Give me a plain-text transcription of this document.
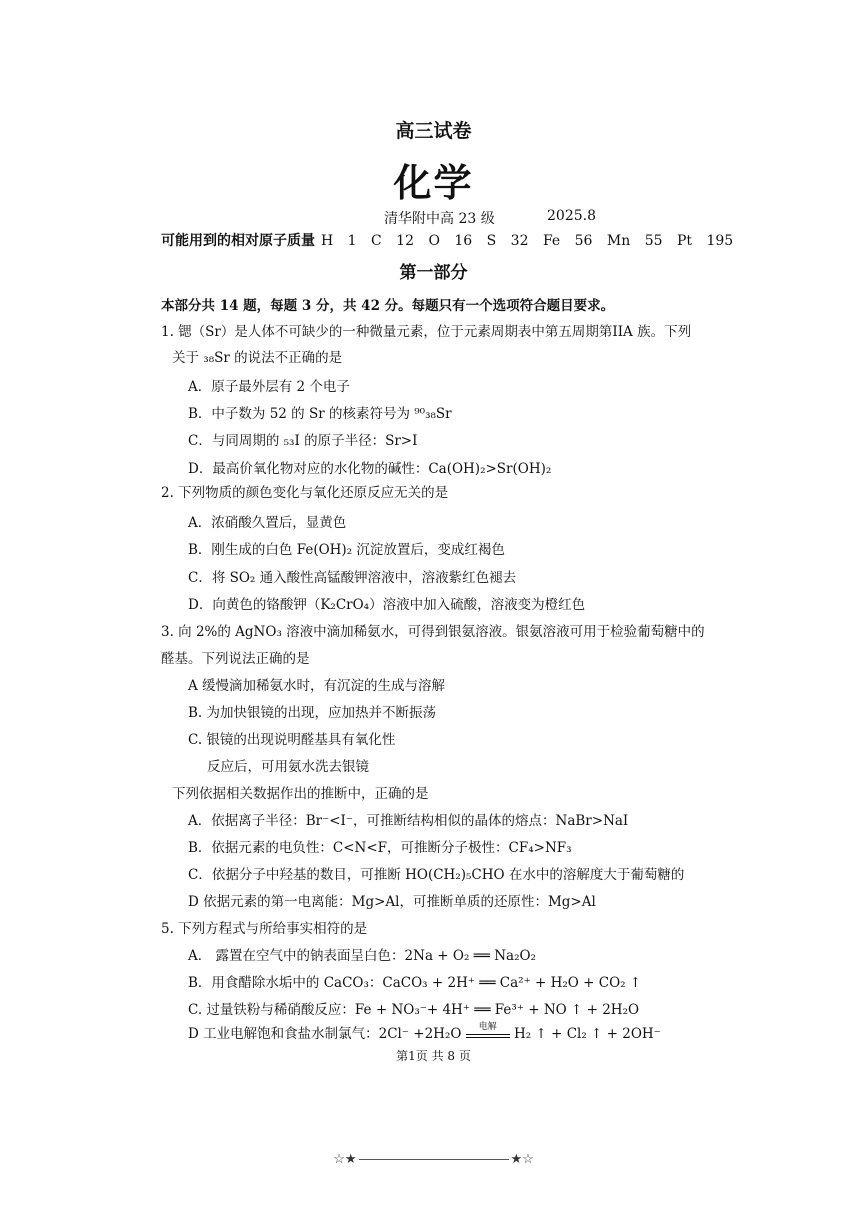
高三试卷
化学
清华附中高 23 级	2025.8
可能用到的相对原子质量 H 1 C 12 O 16 S 32 Fe 56 Mn 55 Pt 195
第一部分
本部分共 14 题，每题 3 分，共 42 分。每题只有一个选项符合题目要求。
1. 锶（Sr）是人体不可缺少的一种微量元素，位于元素周期表中第五周期第IIA 族。下列
关于 ₃₈Sr 的说法不正确的是
A．原子最外层有 2 个电子
B．中子数为 52 的 Sr 的核素符号为 ⁹⁰₃₈Sr
C．与同周期的 ₅₃I 的原子半径：Sr>I
D．最高价氧化物对应的水化物的碱性：Ca(OH)₂>Sr(OH)₂
2. 下列物质的颜色变化与氧化还原反应无关的是
A．浓硝酸久置后，显黄色
B．刚生成的白色 Fe(OH)₂ 沉淀放置后，变成红褐色
C．将 SO₂ 通入酸性高锰酸钾溶液中，溶液紫红色褪去
D．向黄色的铬酸钾（K₂CrO₄）溶液中加入硫酸，溶液变为橙红色
3. 向 2%的 AgNO₃ 溶液中滴加稀氨水，可得到银氨溶液。银氨溶液可用于检验葡萄糖中的
醛基。下列说法正确的是
A 缓慢滴加稀氨水时，有沉淀的生成与溶解
B. 为加快银镜的出现，应加热并不断振荡
C. 银镜的出现说明醛基具有氧化性
反应后，可用氨水洗去银镜
下列依据相关数据作出的推断中，正确的是
A．依据离子半径：Br⁻<I⁻，可推断结构相似的晶体的熔点：NaBr>NaI
B．依据元素的电负性：C<N<F，可推断分子极性：CF₄>NF₃
C．依据分子中羟基的数目，可推断 HO(CH₂)₅CHO 在水中的溶解度大于葡萄糖的
D 依据元素的第一电离能：Mg>Al，可推断单质的还原性：Mg>Al
5. 下列方程式与所给事实相符的是
A． 露置在空气中的钠表面呈白色：2Na + O₂ ══ Na₂O₂
B．用食醋除水垢中的 CaCO₃：CaCO₃ + 2H⁺ ══ Ca²⁺ + H₂O + CO₂ ↑
C. 过量铁粉与稀硝酸反应：Fe + NO₃⁻+ 4H⁺ ══ Fe³⁺ + NO ↑ + 2H₂O
D 工业电解饱和食盐水制氯气：2Cl⁻ +2H₂O	电解	H₂ ↑ + Cl₂ ↑ + 2OH⁻
第1页 共 8 页
☆★	★☆
